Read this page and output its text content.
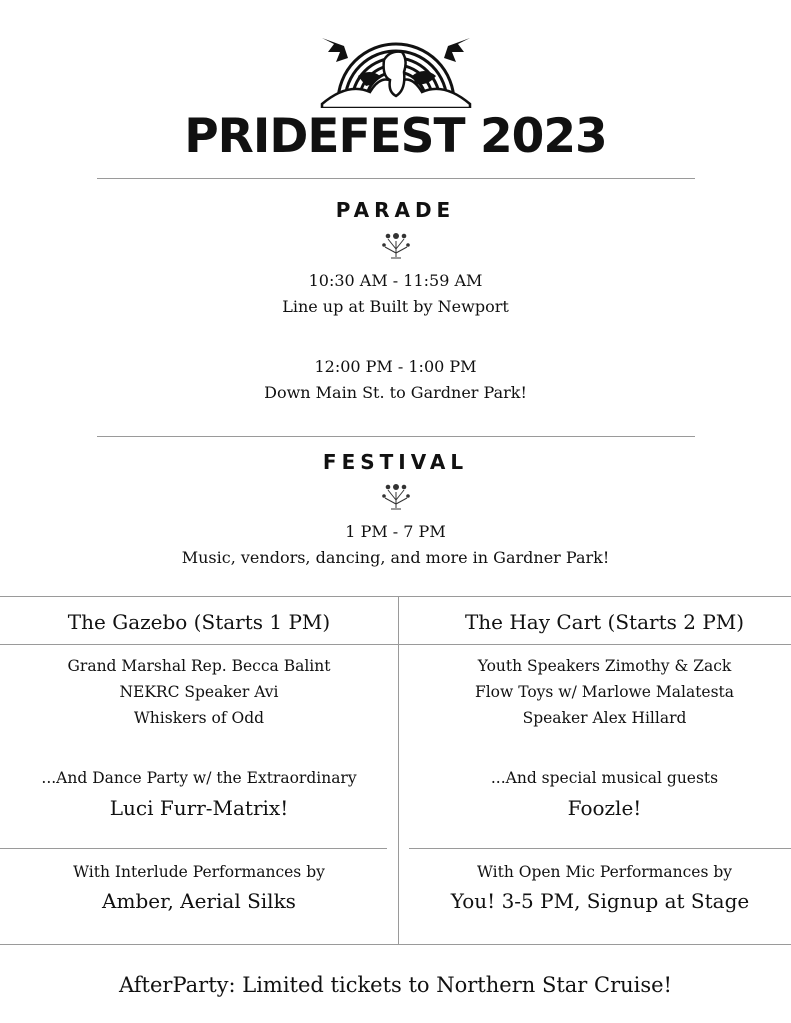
PRIDEFEST 2023
PARADE
10:30 AM - 11:59 AM
Line up at Built by Newport
12:00 PM - 1:00 PM
Down Main St. to Gardner Park!
FESTIVAL
1 PM - 7 PM
Music, vendors, dancing, and more in Gardner Park!
The Gazebo (Starts 1 PM)
Grand Marshal Rep. Becca Balint
NEKRC Speaker Avi
Whiskers of Odd
...And Dance Party w/ the Extraordinary
Luci Furr-Matrix!
With Interlude Performances by
Amber, Aerial Silks
The Hay Cart (Starts 2 PM)
Youth Speakers Zimothy & Zack
Flow Toys w/ Marlowe Malatesta
Speaker Alex Hillard
...And special musical guests
Foozle!
With Open Mic Performances by
You! 3-5 PM, Signup at Stage
AfterParty: Limited tickets to Northern Star Cruise!
